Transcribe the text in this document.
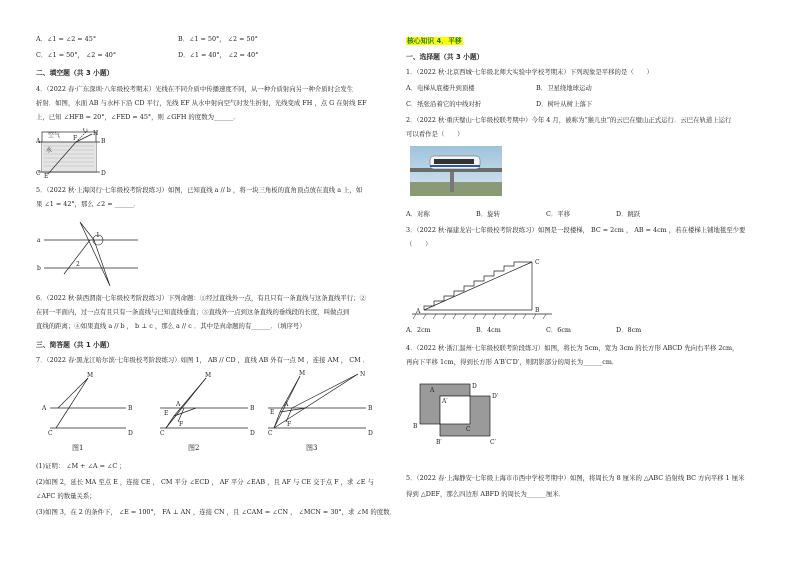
A．∠1 = ∠2 = 45°	B．∠1 = 50°， ∠2 = 50°
C．∠1 = 50°， ∠2 = 40°	D．∠1 = 40°， ∠2 = 40°
二、填空题（共 3 小题）
4．（2022 春·广东深圳·八年级校考期末）光线在不同介质中传播速度不同，从一种介质射向另一种介质时会发生
折射．如图，水面 AB 与水杯下沿 CD 平行，光线 EF 从水中射向空气时发生折射，光线变成 FH ，点 G 在射线 EF
上，已知 ∠HFB = 20°，∠FED = 45°，则 ∠GFH 的度数为______．
空气
水
A	B
C	D
E
F
G H
5．（2022 秋·上海闵行·七年级校考阶段练习）如图，已知直线 a // b ，将一块三角板的直角顶点放在直线 a 上，如
果 ∠1 = 42°，那么 ∠2 = ______．
a
b
1
2
6．（2022 秋·陕西渭南·七年级校考阶段练习）下列命题：①经过直线外一点，有且只有一条直线与这条直线平行；②
在同一平面内，过一点有且只有一条直线与已知直线垂直；③直线外一点到这条直线的垂线段的长度，叫做点到
直线的距离；④如果直线 a // b ， b ⊥ c ，那么 a // c ．其中是真命题的有______．（填序号）
三、简答题（共 1 小题）
7．（2022 春·黑龙江哈尔滨·七年级校考阶段练习）如图 1， AB // CD ，直线 AB 外有一点 M ，连接 AM ， CM ．
M
A	B
C	D
图1
M
E
A
B
F
C	D
图2
M	N
E
A
B
F
C	D
图3
(1)证明： ∠M + ∠A = ∠C ；
(2)如图 2，延长 MA 至点 E ，连接 CE ， CM 平分 ∠ECD ， AF 平分 ∠EAB ，且 AF 与 CE 交于点 F ，求 ∠E 与
∠AFC 的数量关系；
(3)如图 3，在 2 的条件下， ∠E = 100°， FA ⊥ AN ，连接 CN ，且 ∠CAM = ∠CN ， ∠MCN = 30°，求 ∠M 的度数．
核心知识 4．平移
一、选择题（共 3 小题）
1．（2022 秋·北京西城·七年级北师大实验中学校考期末）下列现象是平移的是（　　）
A．电梯从底楼升到顶楼	B．卫星绕地球运动
C．纸张沿着它的中线对折	D．树叶从树上落下
2．（2022 秋·重庆璧山·七年级校联考期中）今年 4 月，被称为“猴儿虫”的云巴在璧山正式运行．云巴在轨道上运行
可以看作是（　　）
A．对称	B．旋转	C．平移	D．跳跃
3．（2022 秋·福建龙岩·七年级校考阶段练习）如图是一段楼梯， BC = 2cm ， AB = 4cm ，若在楼梯上铺地毯至少要
（　　）
A	B
C
A．2cm	B．4cm	C．6cm	D．8cm
4．（2022 秋·浙江温州·七年级校联考阶段练习）如图，将长为 5cm，宽为 3cm 的长方形 ABCD 先向右平移 2cm，
再向下平移 1cm，得到长方形 A′B′C′D′，则阴影部分的周长为______cm．
A
D
A′
D′
B	C
B′	C′
5．（2022 春·上海静安·七年级上海市市西中学校考期中）如图，将周长为 8 厘米的 △ABC 沿射线 BC 方向平移 1 厘米
得到 △DEF，那么四边形 ABFD 的周长为______厘米．
